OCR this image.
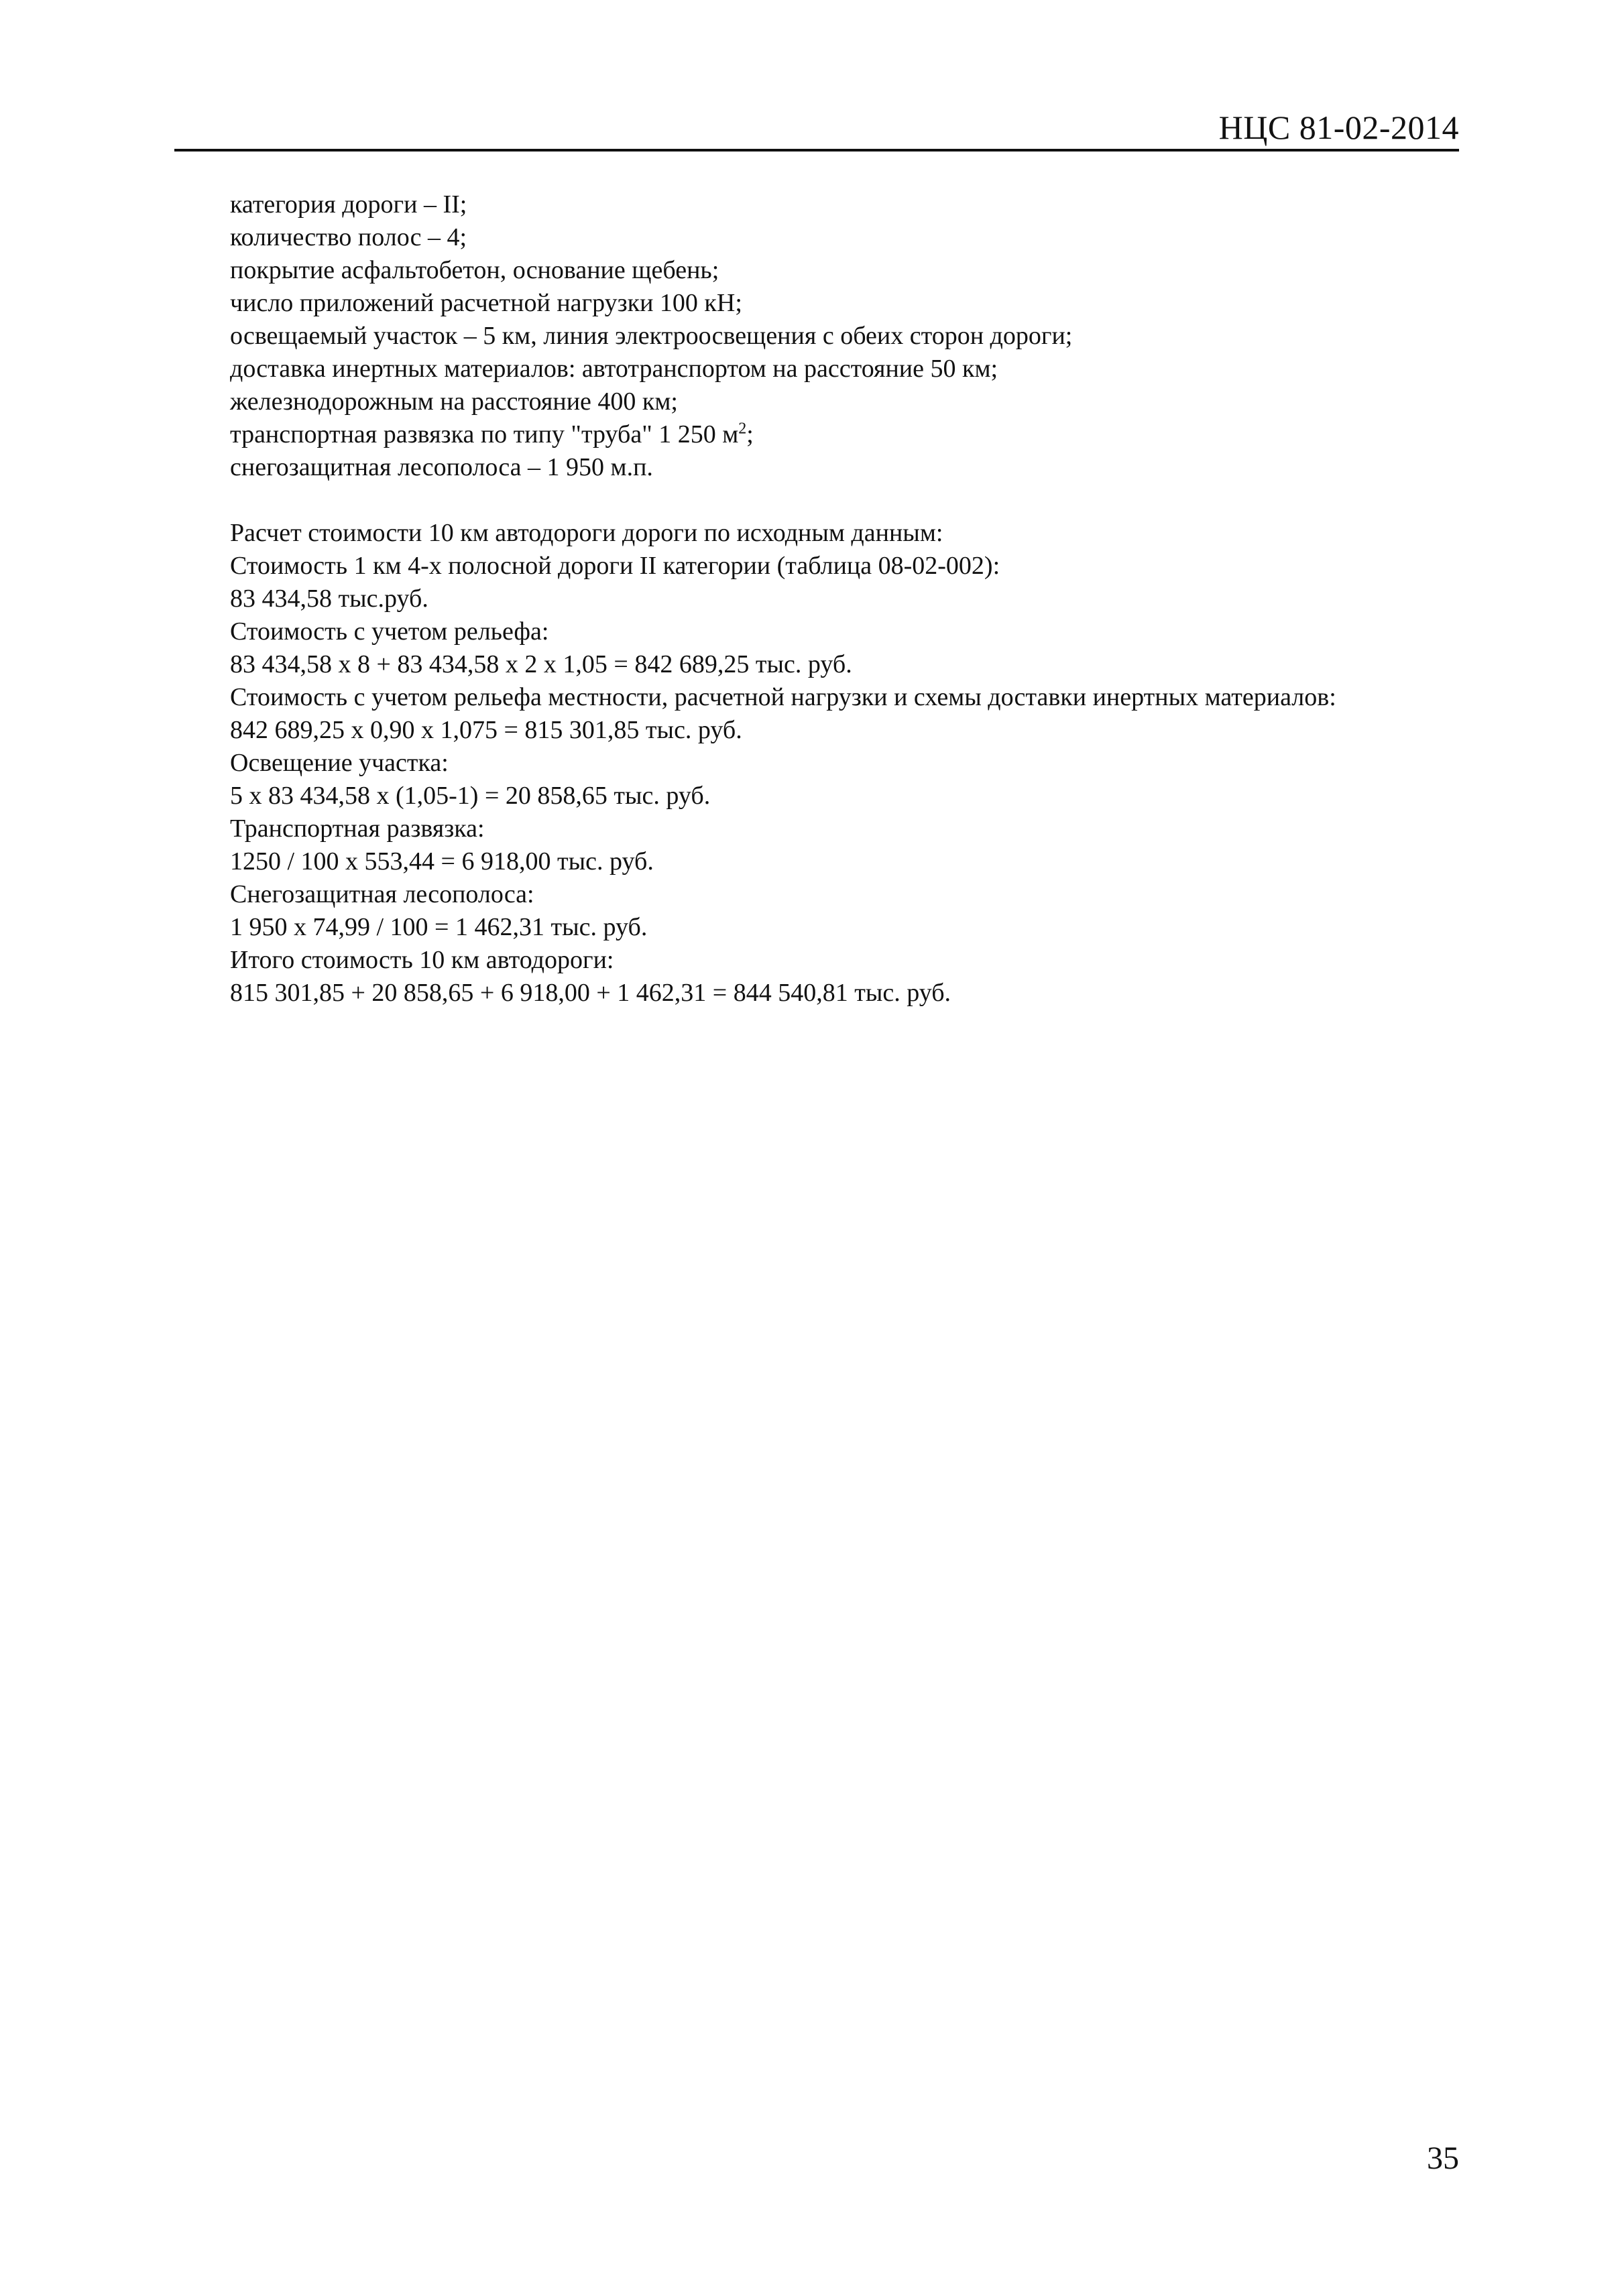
НЦС 81-02-2014
категория дороги – II;
количество полос – 4;
покрытие асфальтобетон, основание щебень;
число приложений расчетной нагрузки 100 кН;
освещаемый участок – 5 км, линия электроосвещения с обеих сторон дороги;
доставка инертных материалов: автотранспортом на расстояние 50 км;
железнодорожным на расстояние 400 км;
транспортная развязка по типу "труба" 1 250 $м^2$;
снегозащитная лесополоса – 1 950 м.п.
Расчет стоимости 10 км автодороги дороги по исходным данным:
Стоимость 1 км 4-х полосной дороги II категории (таблица 08-02-002):
83 434,58 тыс.руб.
Стоимость с учетом рельефа:
83 434,58 х 8 + 83 434,58 х 2 х 1,05 = 842 689,25 тыс. руб.
Стоимость с учетом рельефа местности, расчетной нагрузки и схемы доставки инертных материалов:
842 689,25 х 0,90 х 1,075 = 815 301,85 тыс. руб.
Освещение участка:
5 х 83 434,58 х (1,05-1) = 20 858,65 тыс. руб.
Транспортная развязка:
1250 / 100 х 553,44 = 6 918,00 тыс. руб.
Снегозащитная лесополоса:
1 950 х 74,99 / 100 = 1 462,31 тыс. руб.
Итого стоимость 10 км автодороги:
815 301,85 + 20 858,65 + 6 918,00 + 1 462,31 = 844 540,81 тыс. руб.
35
